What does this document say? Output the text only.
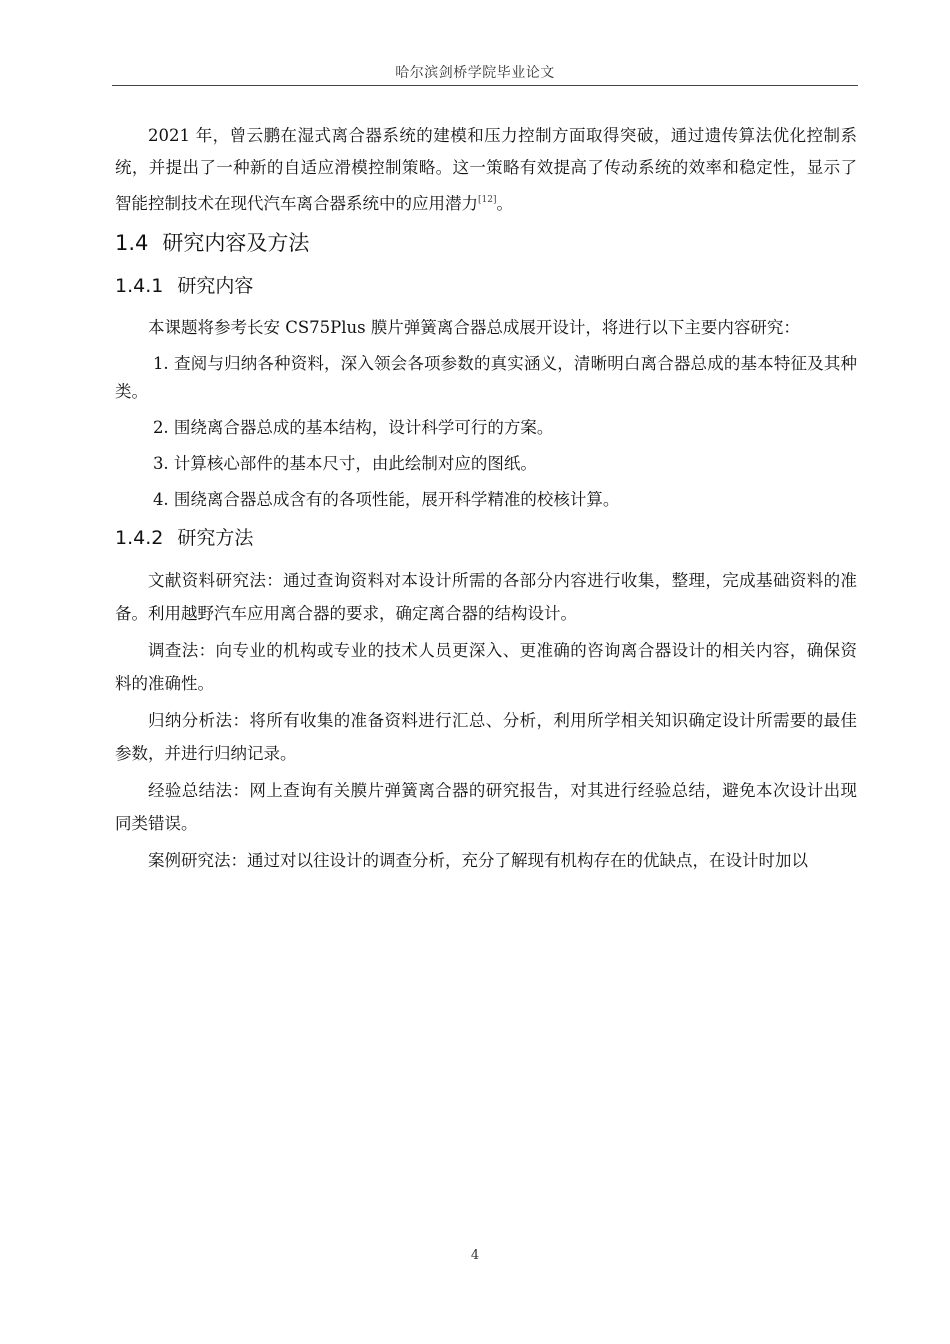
哈尔滨剑桥学院毕业论文

2021 年，曾云鹏在湿式离合器系统的建模和压力控制方面取得突破，通过遗传算法优化控制系统，并提出了一种新的自适应滑模控制策略。这一策略有效提高了传动系统的效率和稳定性，显示了智能控制技术在现代汽车离合器系统中的应用潜力[12]。

1.4 研究内容及方法
1.4.1 研究内容

本课题将参考长安 CS75Plus 膜片弹簧离合器总成展开设计，将进行以下主要内容研究：

1. 查阅与归纳各种资料，深入领会各项参数的真实涵义，清晰明白离合器总成的基本特征及其种类。

2. 围绕离合器总成的基本结构，设计科学可行的方案。

3. 计算核心部件的基本尺寸，由此绘制对应的图纸。

4. 围绕离合器总成含有的各项性能，展开科学精准的校核计算。

1.4.2 研究方法

文献资料研究法：通过查询资料对本设计所需的各部分内容进行收集，整理，完成基础资料的准备。利用越野汽车应用离合器的要求，确定离合器的结构设计。

调查法：向专业的机构或专业的技术人员更深入、更准确的咨询离合器设计的相关内容，确保资料的准确性。

归纳分析法：将所有收集的准备资料进行汇总、分析，利用所学相关知识确定设计所需要的最佳参数，并进行归纳记录。

经验总结法：网上查询有关膜片弹簧离合器的研究报告，对其进行经验总结，避免本次设计出现同类错误。

案例研究法：通过对以往设计的调查分析，充分了解现有机构存在的优缺点，在设计时加以

4
